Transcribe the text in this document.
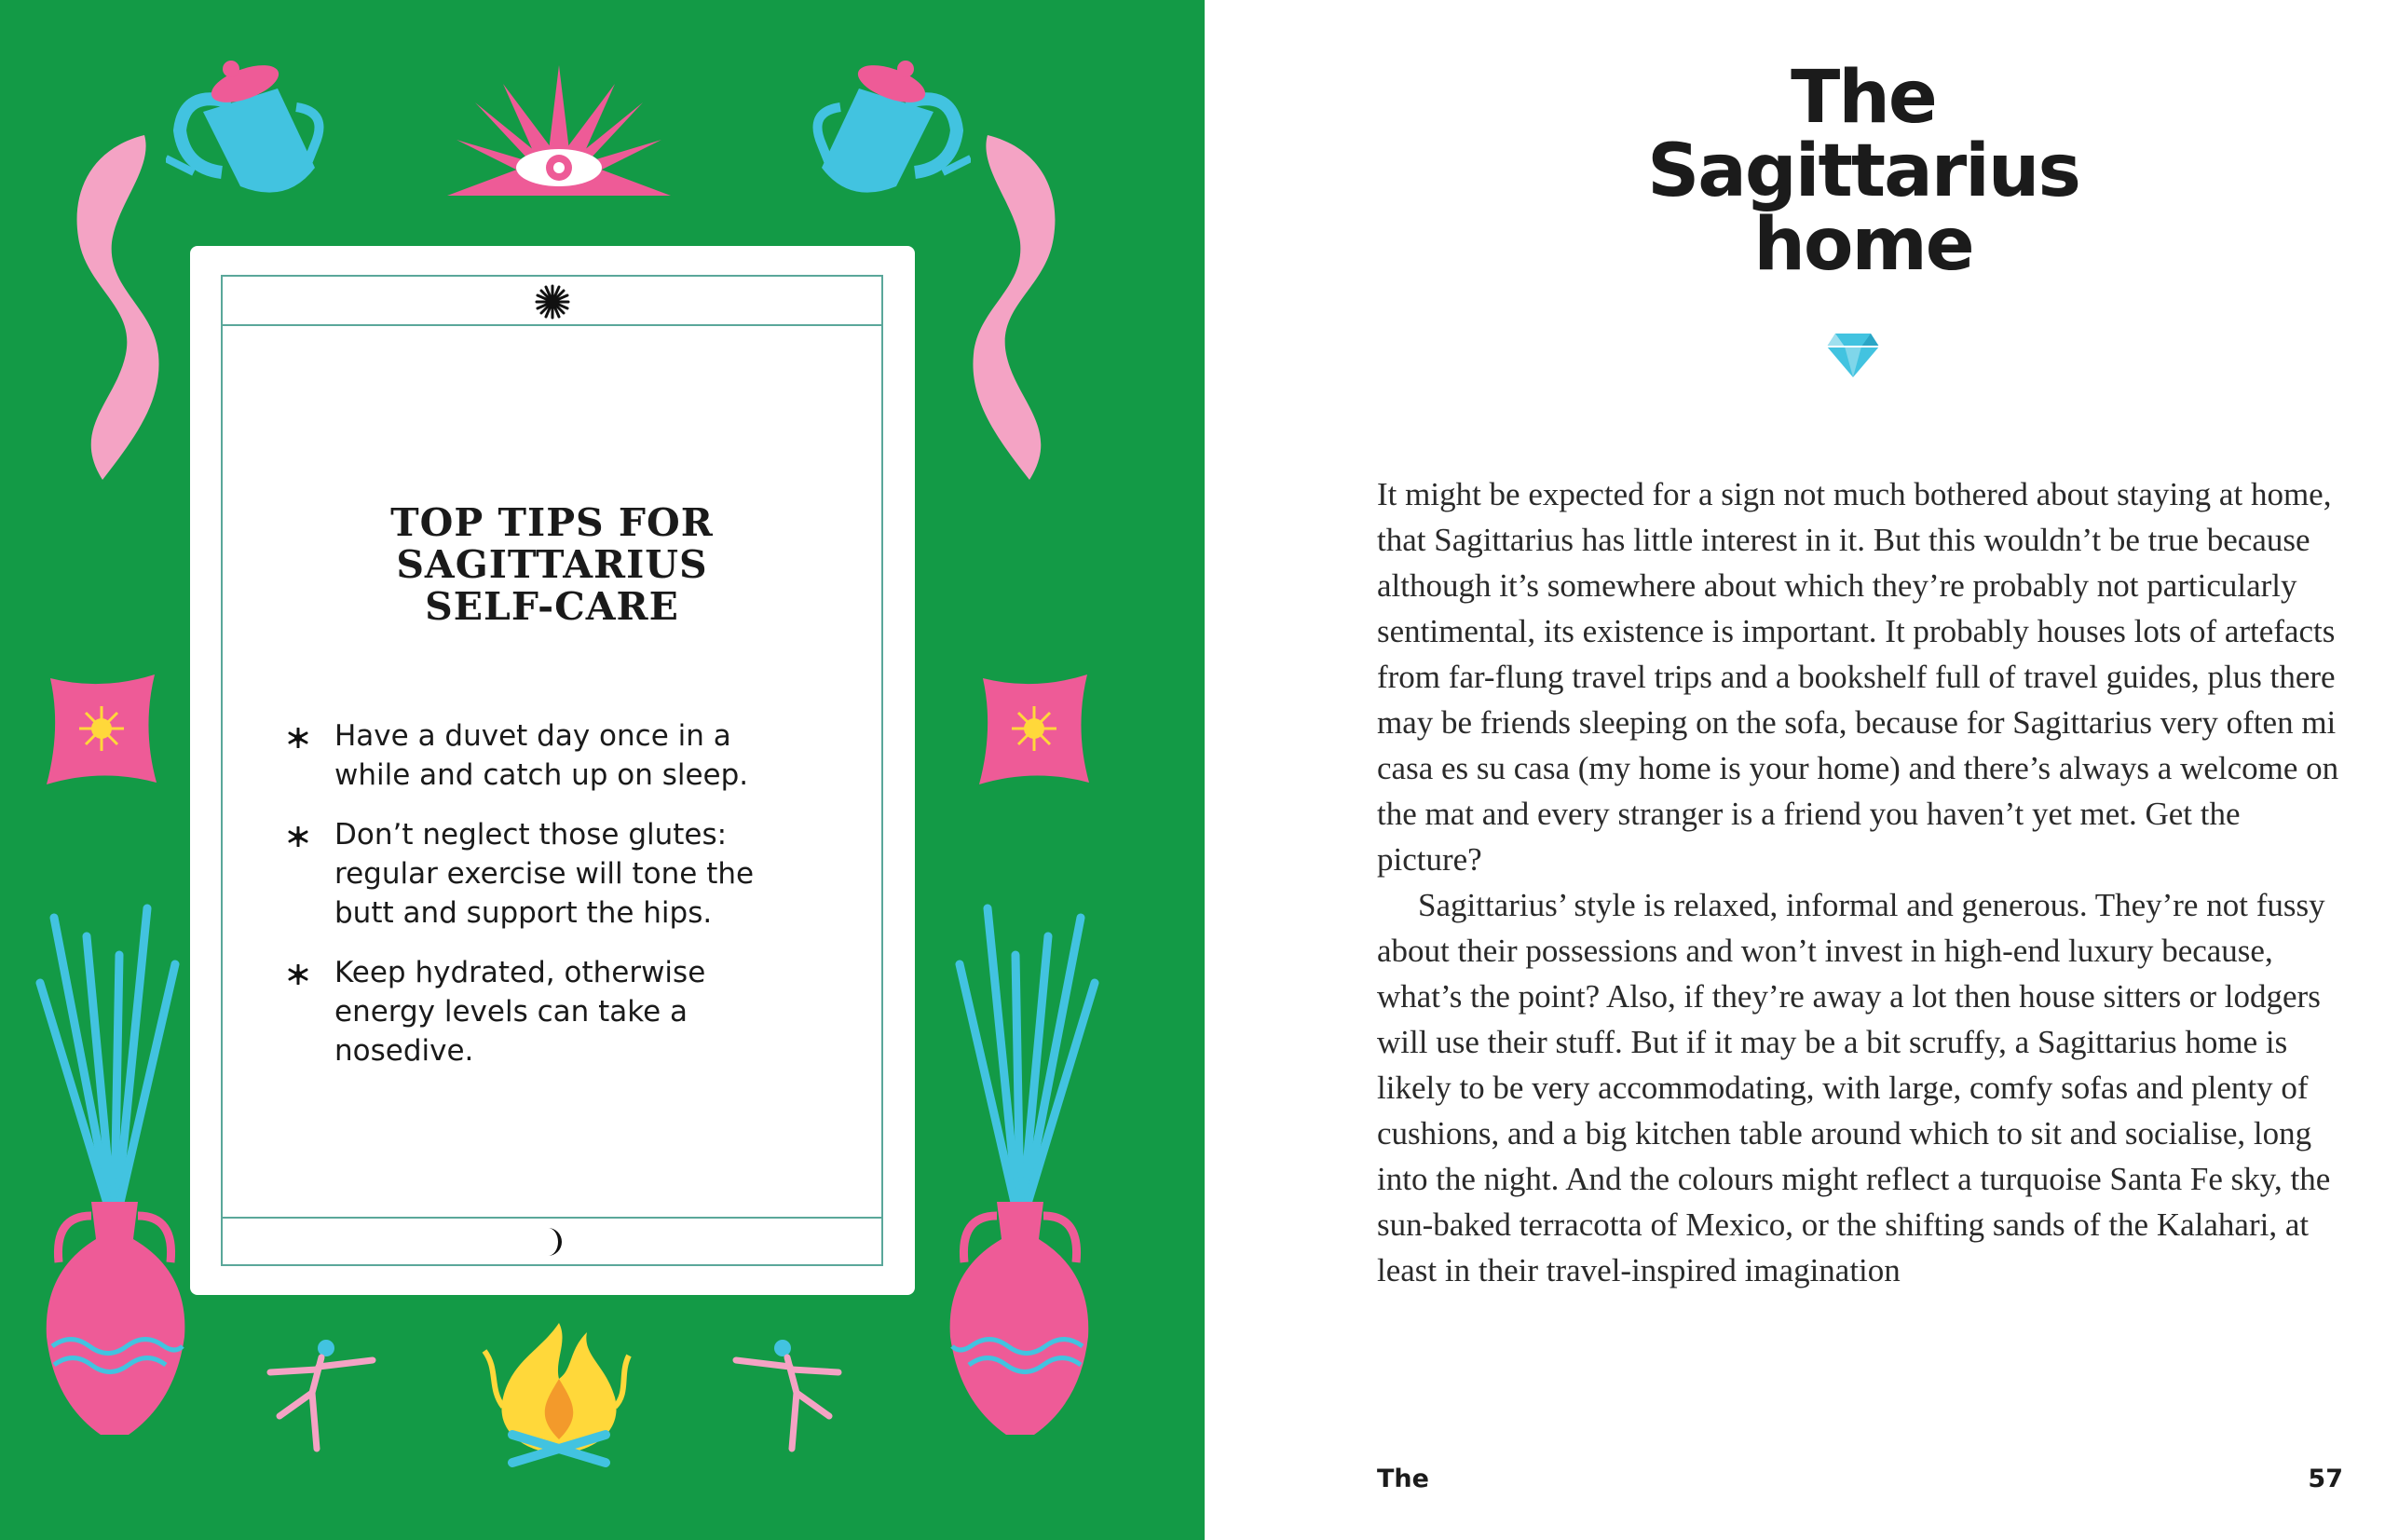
TOP TIPS FOR
SAGITTARIUS
SELF-CARE
Have a duvet day once in a while and catch up on sleep.
Don’t neglect those glutes: regular exercise will tone the butt and support the hips.
Keep hydrated, otherwise energy levels can take a nosedive.
The
Sagittarius
home

It might be expected for a sign not much bothered about staying at home, that Sagittarius has little interest in it. But this wouldn’t be true because although it’s somewhere about which they’re probably not particularly sentimental, its existence is important. It probably houses lots of artefacts from far-flung travel trips and a bookshelf full of travel guides, plus there may be friends sleeping on the sofa, because for Sagittarius very often mi casa es su casa (my home is your home) and there’s always a welcome on the mat and every stranger is a friend you haven’t yet met. Get the picture?

Sagittarius’ style is relaxed, informal and generous. They’re not fussy about their possessions and won’t invest in high-end luxury because, what’s the point? Also, if they’re away a lot then house sitters or lodgers will use their stuff. But if it may be a bit scruffy, a Sagittarius home is likely to be very accommodating, with large, comfy sofas and plenty of cushions, and a big kitchen table around which to sit and socialise, long into the night. And the colours might reflect a turquoise Santa Fe sky, the sun-baked terracotta of Mexico, or the shifting sands of the Kalahari, at least in their travel-inspired imagination

The	57
